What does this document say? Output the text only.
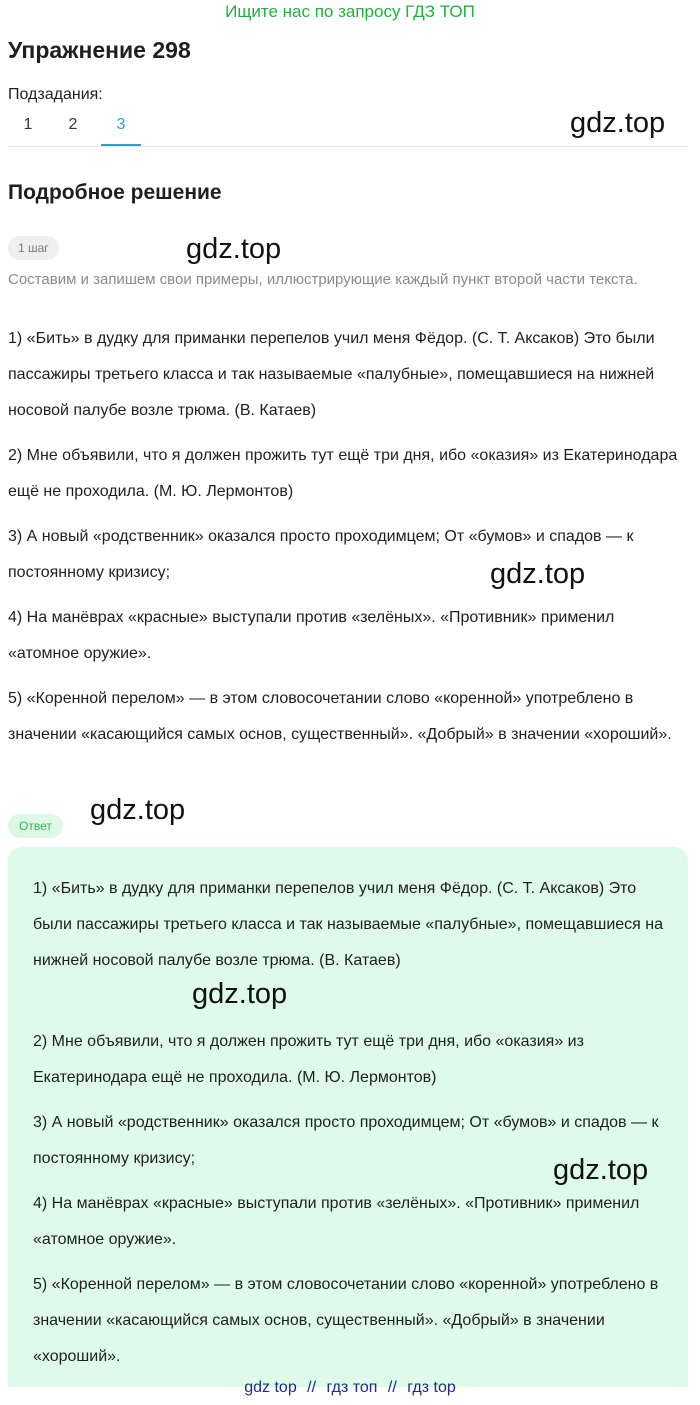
Ищите нас по запросу ГДЗ ТОП
Упражнение 298
Подзадания:
1	2	3	gdz.top
Подробное решение
1 шаг	gdz.top
Составим и запишем свои примеры, иллюстрирующие каждый пункт второй части текста.

1) «Бить» в дудку для приманки перепелов учил меня Фёдор. (С. Т. Аксаков) Это были пассажиры третьего класса и так называемые «палубные», помещавшиеся на нижней носовой палубе возле трюма. (В. Катаев)

2) Мне объявили, что я должен прожить тут ещё три дня, ибо «оказия» из Екатеринодара ещё не проходила. (М. Ю. Лермонтов)

3) А новый «родственник» оказался просто проходимцем; От «бумов» и спадов — к постоянному кризису;

4) На манёврах «красные» выступали против «зелёных». «Противник» применил «атомное оружие».

5) «Коренной перелом» — в этом словосочетании слово «коренной» употреблено в значении «касающийся самых основ, существенный». «Добрый» в значении «хороший».

gdz.top
gdz.top
Ответ

1) «Бить» в дудку для приманки перепелов учил меня Фёдор. (С. Т. Аксаков) Это были пассажиры третьего класса и так называемые «палубные», помещавшиеся на нижней носовой палубе возле трюма. (В. Катаев)

2) Мне объявили, что я должен прожить тут ещё три дня, ибо «оказия» из Екатеринодара ещё не проходила. (М. Ю. Лермонтов)

3) А новый «родственник» оказался просто проходимцем; От «бумов» и спадов — к постоянному кризису;

4) На манёврах «красные» выступали против «зелёных». «Противник» применил «атомное оружие».

5) «Коренной перелом» — в этом словосочетании слово «коренной» употреблено в значении «касающийся самых основ, существенный». «Добрый» в значении «хороший».

gdz.top
gdz.top
gdz top // гдз топ // гдз top
